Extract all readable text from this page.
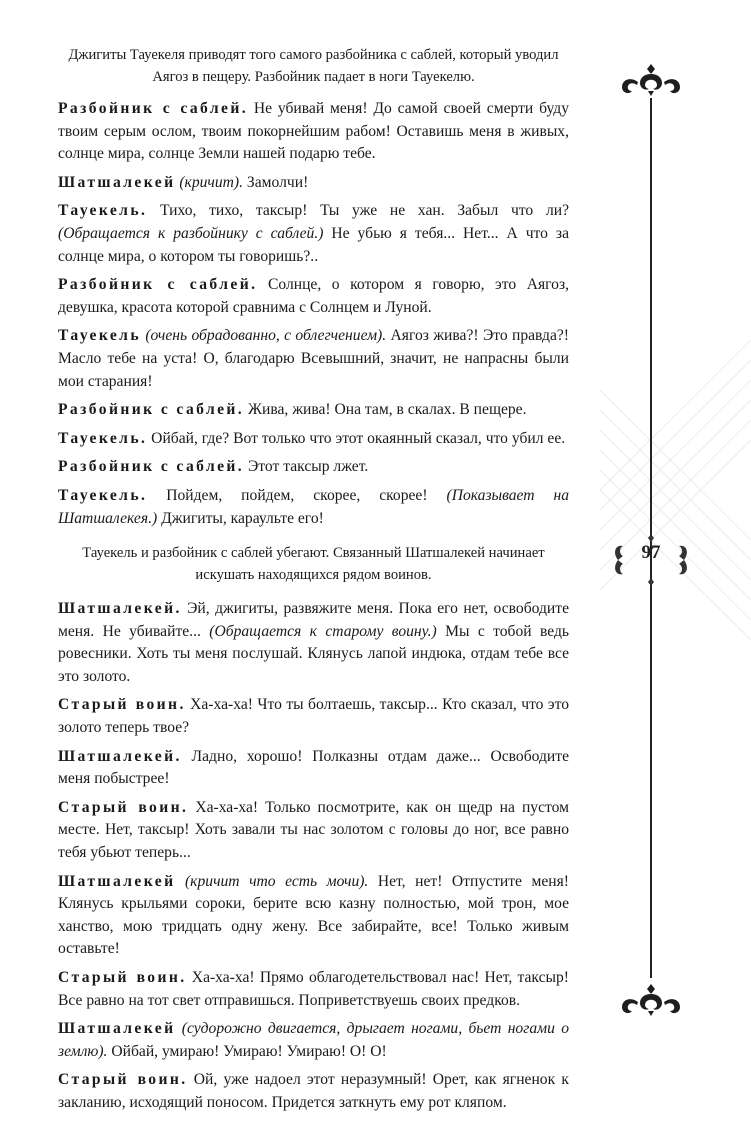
97
Джигиты Тауекеля приводят того самого разбойника с саблей, который уводил Аягоз в пещеру. Разбойник падает в ноги Тауекелю.

Разбойник с саблей. Не убивай меня! До самой своей смерти буду твоим серым ослом, твоим покорнейшим рабом! Оставишь меня в живых, солнце мира, солнце Земли нашей подарю тебе.

Шатшалекей (кричит). Замолчи!

Тауекель. Тихо, тихо, таксыр! Ты уже не хан. Забыл что ли? (Обращается к разбойнику с саблей.) Не убью я тебя... Нет... А что за солнце мира, о котором ты говоришь?..

Разбойник с саблей. Солнце, о котором я говорю, это Аягоз, девушка, красота которой сравнима с Солнцем и Луной.

Тауекель (очень обрадованно, с облегчением). Аягоз жива?! Это правда?! Масло тебе на уста! О, благодарю Всевышний, значит, не напрасны были мои старания!

Разбойник с саблей. Жива, жива! Она там, в скалах. В пещере.

Тауекель. Ойбай, где? Вот только что этот окаянный сказал, что убил ее.

Разбойник с саблей. Этот таксыр лжет.

Тауекель. Пойдем, пойдем, скорее, скорее! (Показывает на Шатшалекея.) Джигиты, караульте его!

Тауекель и разбойник с саблей убегают. Связанный Шатшалекей начинает искушать находящихся рядом воинов.

Шатшалекей. Эй, джигиты, развяжите меня. Пока его нет, освободите меня. Не убивайте... (Обращается к старому воину.) Мы с тобой ведь ровесники. Хоть ты меня послушай. Клянусь лапой индюка, отдам тебе все это золото.

Старый воин. Ха-ха-ха! Что ты болтаешь, таксыр... Кто сказал, что это золото теперь твое?

Шатшалекей. Ладно, хорошо! Полказны отдам даже... Освободите меня побыстрее!

Старый воин. Ха-ха-ха! Только посмотрите, как он щедр на пустом месте. Нет, таксыр! Хоть завали ты нас золотом с головы до ног, все равно тебя убьют теперь...

Шатшалекей (кричит что есть мочи). Нет, нет! Отпустите меня! Клянусь крыльями сороки, берите всю казну полностью, мой трон, мое ханство, мою тридцать одну жену. Все забирайте, все! Только живым оставьте!

Старый воин. Ха-ха-ха! Прямо облагодетельствовал нас! Нет, таксыр! Все равно на тот свет отправишься. Поприветствуешь своих предков.

Шатшалекей (судорожно двигается, дрыгает ногами, бьет ногами о землю). Ойбай, умираю! Умираю! Умираю! О! О!

Старый воин. Ой, уже надоел этот неразумный! Орет, как ягненок к закланию, исходящий поносом. Придется заткнуть ему рот кляпом.
